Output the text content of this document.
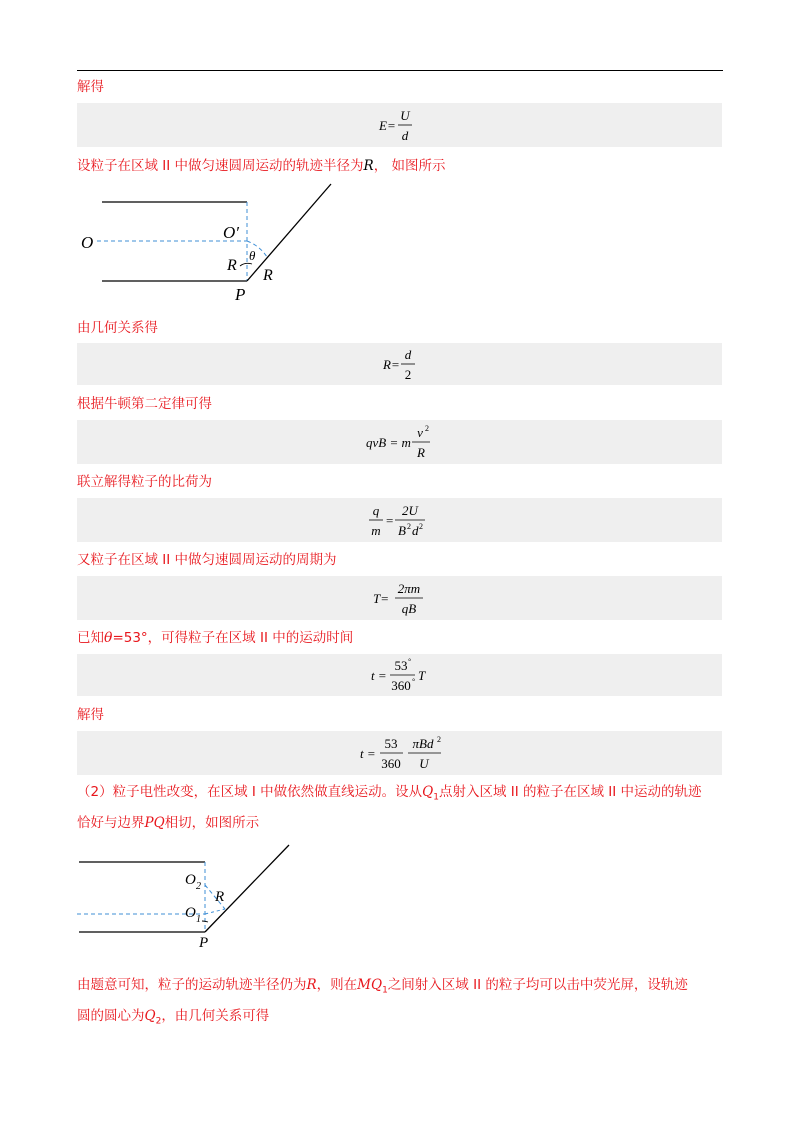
解得
E=
U
d
设粒子在区域 II 中做匀速圆周运动的轨迹半径为R， 如图所示
O
O′
θ
R
R
P
由几何关系得
R=
d
2
根据牛顿第二定律可得
qvB = m
v 2
R
联立解得粒子的比荷为
q
m
=
2U
B 2 d 2
又粒子在区域 II 中做匀速圆周运动的周期为
T=
2πm
qB
已知θ=53°，可得粒子在区域 II 中的运动时间
t =
53 °
360 ° T
解得
t =
53
360
πBd 2
U
（2）粒子电性改变，在区域 I 中做依然做直线运动。设从$Q_1$点射入区域 II 的粒子在区域 II 中运动的轨迹
恰好与边界PQ相切，如图所示
O 2
R
O 1
P
由题意可知，粒子的运动轨迹半径仍为R，则在$MQ_1$之间射入区域 II 的粒子均可以击中荧光屏，设轨迹
圆的圆心为$Q_2$，由几何关系可得
